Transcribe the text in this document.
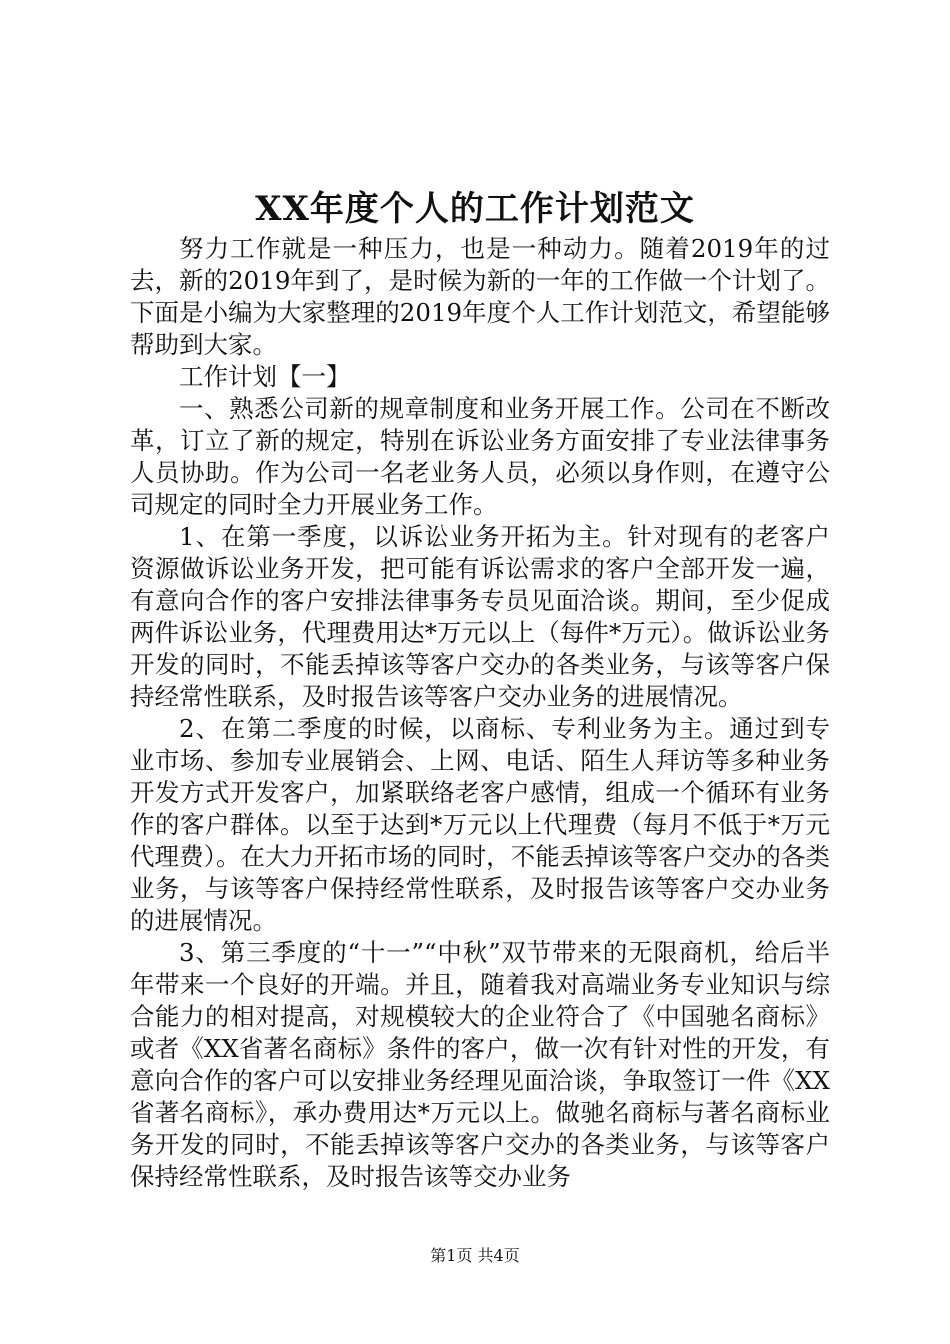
XX年度个人的工作计划范文

努力工作就是一种压力，也是一种动力。随着2019年的过去，新的2019年到了，是时候为新的一年的工作做一个计划了。下面是小编为大家整理的2019年度个人工作计划范文，希望能够帮助到大家。

工作计划【一】

一、熟悉公司新的规章制度和业务开展工作。公司在不断改革，订立了新的规定，特别在诉讼业务方面安排了专业法律事务人员协助。作为公司一名老业务人员，必须以身作则，在遵守公司规定的同时全力开展业务工作。

1、在第一季度，以诉讼业务开拓为主。针对现有的老客户资源做诉讼业务开发，把可能有诉讼需求的客户全部开发一遍，有意向合作的客户安排法律事务专员见面洽谈。期间，至少促成两件诉讼业务，代理费用达*万元以上（每件*万元）。做诉讼业务开发的同时，不能丢掉该等客户交办的各类业务，与该等客户保持经常性联系，及时报告该等客户交办业务的进展情况。

2、在第二季度的时候，以商标、专利业务为主。通过到专业市场、参加专业展销会、上网、电话、陌生人拜访等多种业务开发方式开发客户，加紧联络老客户感情，组成一个循环有业务作的客户群体。以至于达到*万元以上代理费（每月不低于*万元代理费）。在大力开拓市场的同时，不能丢掉该等客户交办的各类业务，与该等客户保持经常性联系，及时报告该等客户交办业务的进展情况。

3、第三季度的“十一”“中秋”双节带来的无限商机，给后半年带来一个良好的开端。并且，随着我对高端业务专业知识与综合能力的相对提高，对规模较大的企业符合了《中国驰名商标》或者《XX省著名商标》条件的客户，做一次有针对性的开发，有意向合作的客户可以安排业务经理见面洽谈，争取签订一件《XX省著名商标》，承办费用达*万元以上。做驰名商标与著名商标业务开发的同时，不能丢掉该等客户交办的各类业务，与该等客户保持经常性联系，及时报告该等交办业务

第1页 共4页
